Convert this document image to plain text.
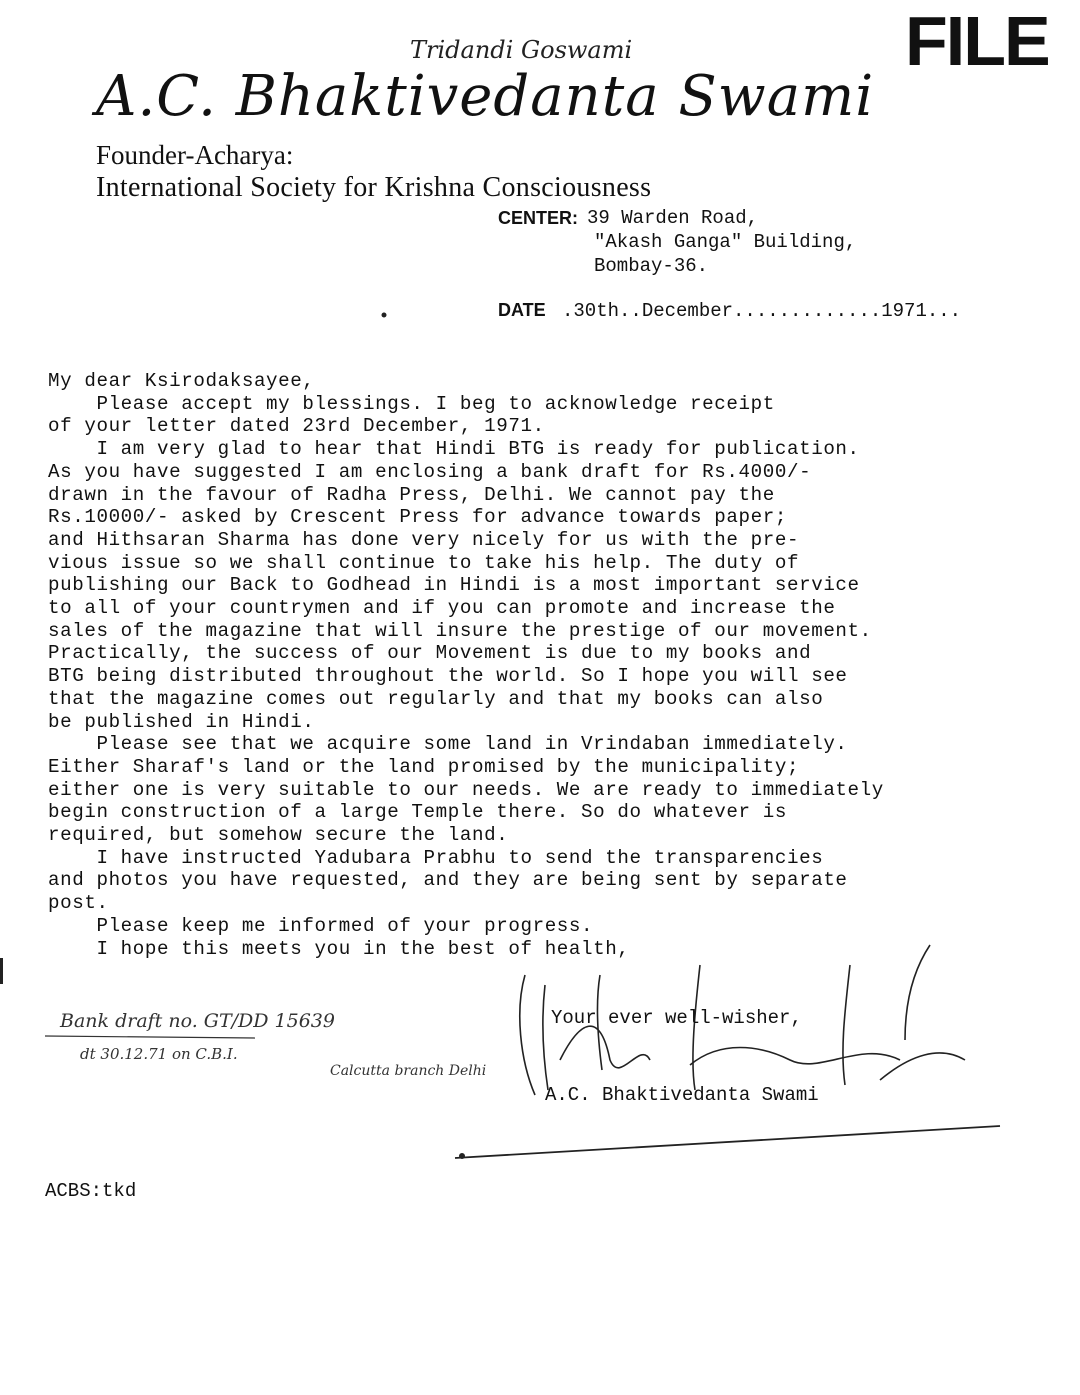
FILE
Tridandi Goswami
A.C. Bhaktivedanta Swami
Founder-Acharya:
International Society for Krishna Consciousness
CENTER: 39 Warden Road,
"Akash Ganga" Building,
Bombay-36.
DATE .30th..December.............1971...
My dear Ksirodaksayee,
Please accept my blessings. I beg to acknowledge receipt
of your letter dated 23rd December, 1971.
I am very glad to hear that Hindi BTG is ready for publication.
As you have suggested I am enclosing a bank draft for Rs.4000/-
drawn in the favour of Radha Press, Delhi. We cannot pay the
Rs.10000/- asked by Crescent Press for advance towards paper;
and Hithsaran Sharma has done very nicely for us with the pre-
vious issue so we shall continue to take his help. The duty of
publishing our Back to Godhead in Hindi is a most important service
to all of your countrymen and if you can promote and increase the
sales of the magazine that will insure the prestige of our movement.
Practically, the success of our Movement is due to my books and
BTG being distributed throughout the world. So I hope you will see
that the magazine comes out regularly and that my books can also
be published in Hindi.
Please see that we acquire some land in Vrindaban immediately.
Either Sharaf's land or the land promised by the municipality;
either one is very suitable to our needs. We are ready to immediately
begin construction of a large Temple there. So do whatever is
required, but somehow secure the land.
I have instructed Yadubara Prabhu to send the transparencies
and photos you have requested, and they are being sent by separate
post.
Please keep me informed of your progress.
I hope this meets you in the best of health,
Bank draft no. GT/DD 15639
dt 30.12.71 on C.B.I.
Calcutta branch Delhi
Your ever well-wisher,
A.C. Bhaktivedanta Swami
ACBS:tkd
